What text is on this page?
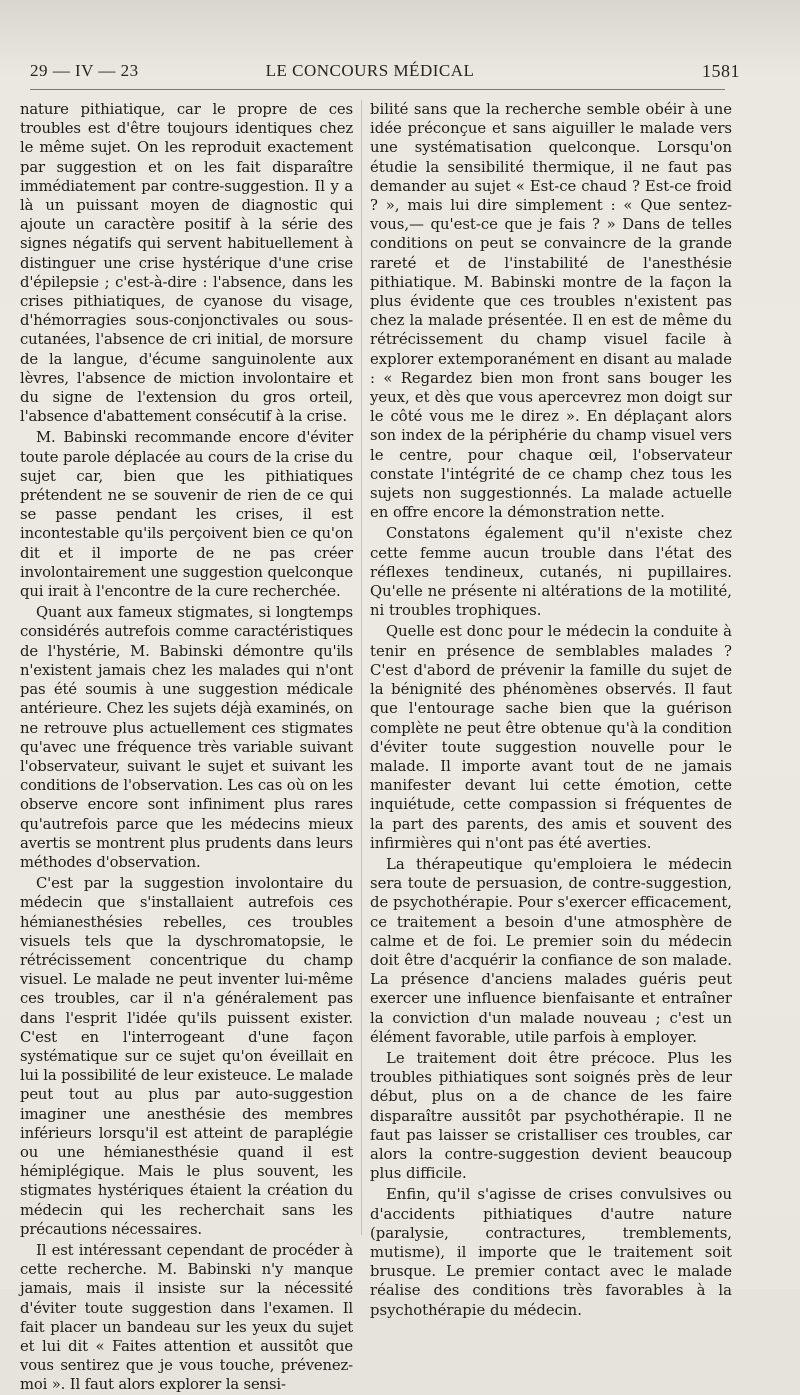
29 — IV — 23	LE CONCOURS MÉDICAL	1581

nature pithiatique, car le propre de ces troubles est d'être toujours identiques chez le même sujet. On les reproduit exactement par suggestion et on les fait disparaître immédiatement par contre-suggestion. Il y a là un puissant moyen de diagnostic qui ajoute un caractère positif à la série des signes négatifs qui servent habituellement à distinguer une crise hystérique d'une crise d'épilepsie ; c'est-à-dire : l'absence, dans les crises pithiatiques, de cyanose du visage, d'hémorragies sous-conjonctivales ou sous-cutanées, l'absence de cri initial, de morsure de la langue, d'écume sanguinolente aux lèvres, l'absence de miction involontaire et du signe de l'extension du gros orteil, l'absence d'abattement consécutif à la crise.

M. Babinski recommande encore d'éviter toute parole déplacée au cours de la crise du sujet car, bien que les pithiatiques prétendent ne se souvenir de rien de ce qui se passe pendant les crises, il est incontestable qu'ils perçoivent bien ce qu'on dit et il importe de ne pas créer involontairement une suggestion quelconque qui irait à l'encontre de la cure recherchée.

Quant aux fameux stigmates, si longtemps considérés autrefois comme caractéristiques de l'hystérie, M. Babinski démontre qu'ils n'existent jamais chez les malades qui n'ont pas été soumis à une suggestion médicale antérieure. Chez les sujets déjà examinés, on ne retrouve plus actuellement ces stigmates qu'avec une fréquence très variable suivant l'observateur, suivant le sujet et suivant les conditions de l'observation. Les cas où on les observe encore sont infiniment plus rares qu'autrefois parce que les médecins mieux avertis se montrent plus prudents dans leurs méthodes d'observation.

C'est par la suggestion involontaire du médecin que s'installaient autrefois ces hémianesthésies rebelles, ces troubles visuels tels que la dyschromatopsie, le rétrécissement concentrique du champ visuel. Le malade ne peut inventer lui-même ces troubles, car il n'a généralement pas dans l'esprit l'idée qu'ils puissent exister. C'est en l'interrogeant d'une façon systématique sur ce sujet qu'on éveillait en lui la possibilité de leur existeuce. Le malade peut tout au plus par auto-suggestion imaginer une anesthésie des membres inférieurs lorsqu'il est atteint de paraplégie ou une hémianesthésie quand il est hémiplégique. Mais le plus souvent, les stigmates hystériques étaient la création du médecin qui les recherchait sans les précautions nécessaires.

Il est intéressant cependant de procéder à cette recherche. M. Babinski n'y manque jamais, mais il insiste sur la nécessité d'éviter toute suggestion dans l'examen. Il fait placer un bandeau sur les yeux du sujet et lui dit « Faites attention et aussitôt que vous sentirez que je vous touche, prévenez-moi ». Il faut alors explorer la sensi-

bilité sans que la recherche semble obéir à une idée préconçue et sans aiguiller le malade vers une systématisation quelconque. Lorsqu'on étudie la sensibilité thermique, il ne faut pas demander au sujet « Est-ce chaud ? Est-ce froid ? », mais lui dire simplement : « Que sentez-vous,— qu'est-ce que je fais ? » Dans de telles conditions on peut se convaincre de la grande rareté et de l'instabilité de l'anesthésie pithiatique. M. Babinski montre de la façon la plus évidente que ces troubles n'existent pas chez la malade présentée. Il en est de même du rétrécissement du champ visuel facile à explorer extemporanément en disant au malade : « Regardez bien mon front sans bouger les yeux, et dès que vous apercevrez mon doigt sur le côté vous me le direz ». En déplaçant alors son index de la périphérie du champ visuel vers le centre, pour chaque œil, l'observateur constate l'intégrité de ce champ chez tous les sujets non suggestionnés. La malade actuelle en offre encore la démonstration nette.

Constatons également qu'il n'existe chez cette femme aucun trouble dans l'état des réflexes tendineux, cutanés, ni pupillaires. Qu'elle ne présente ni altérations de la motilité, ni troubles trophiques.

Quelle est donc pour le médecin la conduite à tenir en présence de semblables malades ? C'est d'abord de prévenir la famille du sujet de la bénignité des phénomènes observés. Il faut que l'entourage sache bien que la guérison complète ne peut être obtenue qu'à la condition d'éviter toute suggestion nouvelle pour le malade. Il importe avant tout de ne jamais manifester devant lui cette émotion, cette inquiétude, cette compassion si fréquentes de la part des parents, des amis et souvent des infirmières qui n'ont pas été averties.

La thérapeutique qu'emploiera le médecin sera toute de persuasion, de contre-suggestion, de psychothérapie. Pour s'exercer efficacement, ce traitement a besoin d'une atmosphère de calme et de foi. Le premier soin du médecin doit être d'acquérir la confiance de son malade. La présence d'anciens malades guéris peut exercer une influence bienfaisante et entraîner la conviction d'un malade nouveau ; c'est un élément favorable, utile parfois à employer.

Le traitement doit être précoce. Plus les troubles pithiatiques sont soignés près de leur début, plus on a de chance de les faire disparaître aussitôt par psychothérapie. Il ne faut pas laisser se cristalliser ces troubles, car alors la contre-suggestion devient beaucoup plus difficile.

Enfin, qu'il s'agisse de crises convulsives ou d'accidents pithiatiques d'autre nature (paralysie, contractures, tremblements, mutisme), il importe que le traitement soit brusque. Le premier contact avec le malade réalise des conditions très favorables à la psychothérapie du médecin.
